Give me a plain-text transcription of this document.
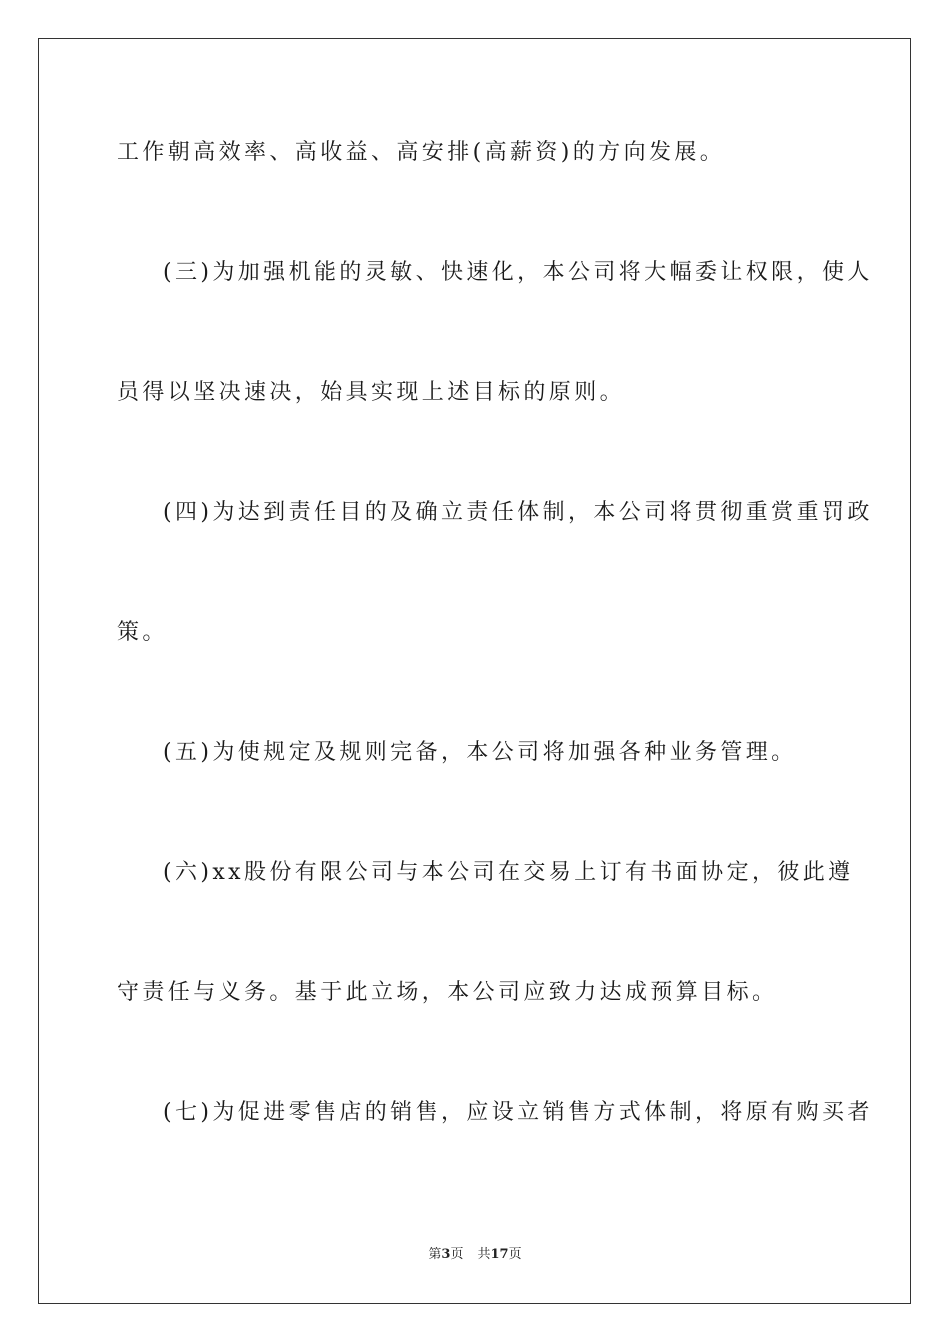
工作朝高效率、高收益、高安排(高薪资)的方向发展。
(三)为加强机能的灵敏、快速化，本公司将大幅委让权限，使人
员得以坚决速决，始具实现上述目标的原则。
(四)为达到责任目的及确立责任体制，本公司将贯彻重赏重罚政
策。
(五)为使规定及规则完备，本公司将加强各种业务管理。
(六)xx股份有限公司与本公司在交易上订有书面协定，彼此遵
守责任与义务。基于此立场，本公司应致力达成预算目标。
(七)为促进零售店的销售，应设立销售方式体制，将原有购买者
第3页 共17页
